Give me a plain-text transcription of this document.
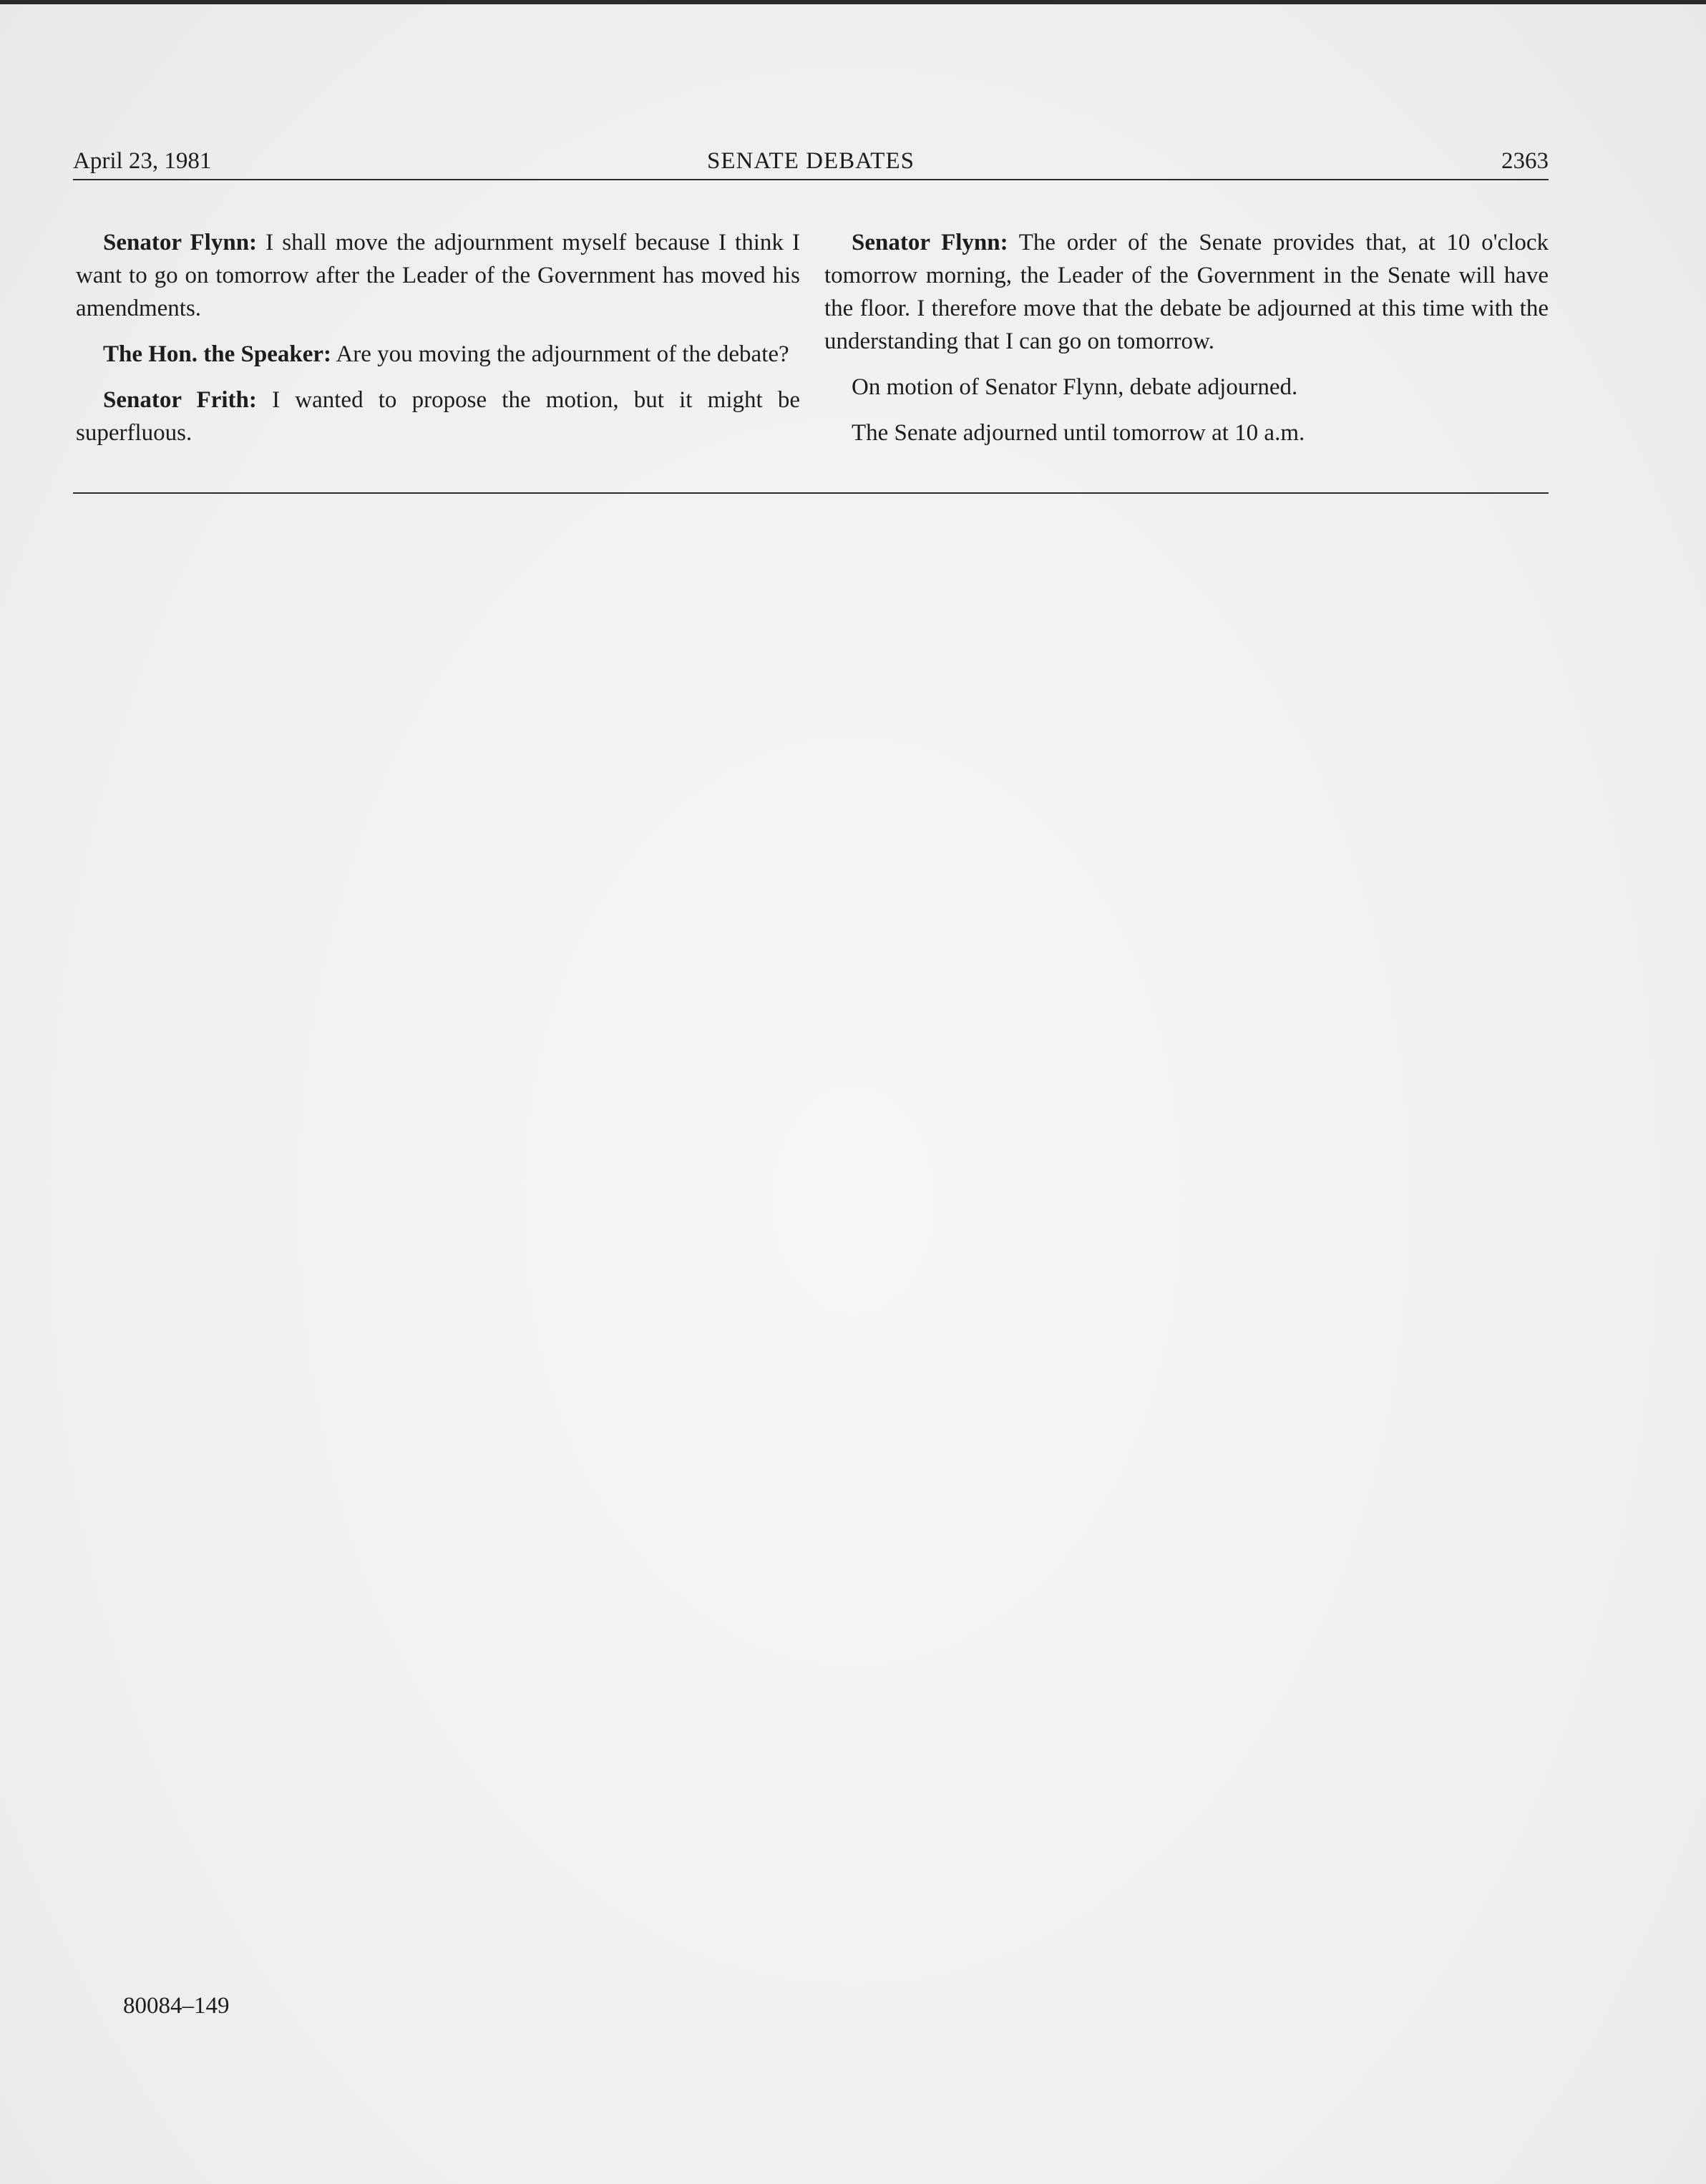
April 23, 1981	SENATE DEBATES	2363

Senator Flynn: I shall move the adjournment myself because I think I want to go on tomorrow after the Leader of the Government has moved his amendments.

The Hon. the Speaker: Are you moving the adjournment of the debate?

Senator Frith: I wanted to propose the motion, but it might be superfluous.

Senator Flynn: The order of the Senate provides that, at 10 o'clock tomorrow morning, the Leader of the Government in the Senate will have the floor. I therefore move that the debate be adjourned at this time with the understanding that I can go on tomorrow.

On motion of Senator Flynn, debate adjourned.

The Senate adjourned until tomorrow at 10 a.m.

80084–149
